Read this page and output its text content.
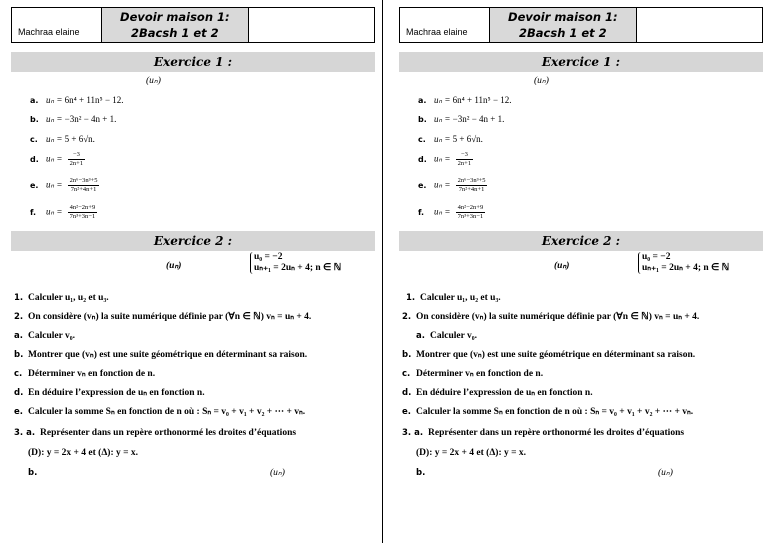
Machraa elaine	
Devoir maison 1:
2Bacsh 1 et 2

Exercice 1 :
(uₙ)
a. uₙ = 6n⁴ + 11n⁵ − 12.
b. uₙ = −3n² − 4n + 1.
c. uₙ = 5 + 6√n.
d. $u_n = \frac{-3}{2n+1}$
e. $u_n = \frac{\text{2n⁶−3n³+5}}{\text{7n²+4n+1}}$
f. $u_n = \frac{\text{4n²−2n+9}}{\text{7n³+3n−1}}$
Exercice 2 :
(uₙ)
u₀ = −2
uₙ₊₁ = 2uₙ + 4; n ∈ ℕ
1. Calculer u₁, u₂ et u₃.
2. On considère (vₙ) la suite numérique définie par (∀n ∈ ℕ) vₙ = uₙ + 4.
a. Calculer v₀.
b. Montrer que (vₙ) est une suite géométrique en déterminant sa raison.
c. Déterminer vₙ en fonction de n.
d. En déduire l’expression de uₙ en fonction n.
e. Calculer la somme Sₙ en fonction de n où : Sₙ = v₀ + v₁ + v₂ + ⋯ + vₙ.
3. a. Représenter dans un repère orthonormé les droites d’équations
(D): y = 2x + 4 et (Δ): y = x.
b.	(uₙ)
Machraa elaine	
Devoir maison 1:
2Bacsh 1 et 2

Exercice 1 :
(uₙ)
a. uₙ = 6n⁴ + 11n⁵ − 12.
b. uₙ = −3n² − 4n + 1.
c. uₙ = 5 + 6√n.
d. $u_n = \frac{-3}{2n+1}$
e. $u_n = \frac{\text{2n⁶−3n³+5}}{\text{7n²+4n+1}}$
f. $u_n = \frac{\text{4n²−2n+9}}{\text{7n³+3n−1}}$
Exercice 2 :
(uₙ)
u₀ = −2
uₙ₊₁ = 2uₙ + 4; n ∈ ℕ
1. Calculer u₁, u₂ et u₃.
2. On considère (vₙ) la suite numérique définie par (∀n ∈ ℕ) vₙ = uₙ + 4.
a. Calculer v₀.
b. Montrer que (vₙ) est une suite géométrique en déterminant sa raison.
c. Déterminer vₙ en fonction de n.
d. En déduire l’expression de uₙ en fonction n.
e. Calculer la somme Sₙ en fonction de n où : Sₙ = v₀ + v₁ + v₂ + ⋯ + vₙ.
3. a. Représenter dans un repère orthonormé les droites d’équations
(D): y = 2x + 4 et (Δ): y = x.
b.	(uₙ)
